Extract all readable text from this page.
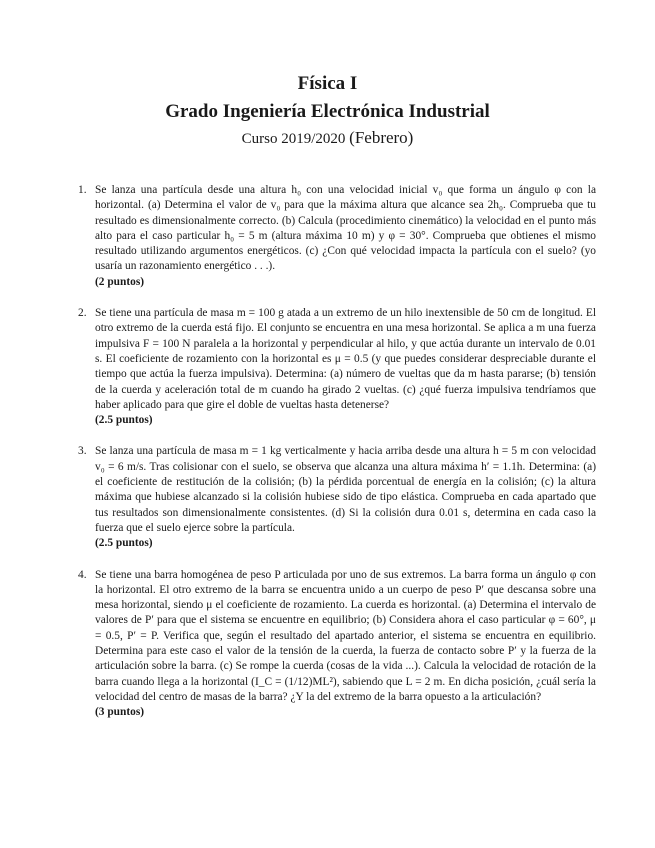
Física I
Grado Ingeniería Electrónica Industrial
Curso 2019/2020 (Febrero)
1. Se lanza una partícula desde una altura h₀ con una velocidad inicial v₀ que forma un ángulo φ con la horizontal. (a) Determina el valor de v₀ para que la máxima altura que alcance sea 2h₀. Comprueba que tu resultado es dimensionalmente correcto. (b) Calcula (procedimiento cinemático) la velocidad en el punto más alto para el caso particular h₀ = 5 m (altura máxima 10 m) y φ = 30°. Comprueba que obtienes el mismo resultado utilizando argumentos energéticos. (c) ¿Con qué velocidad impacta la partícula con el suelo? (yo usaría un razonamiento energético . . .).
(2 puntos)
2. Se tiene una partícula de masa m = 100 g atada a un extremo de un hilo inextensible de 50 cm de longitud. El otro extremo de la cuerda está fijo. El conjunto se encuentra en una mesa horizontal. Se aplica a m una fuerza impulsiva F = 100 N paralela a la horizontal y perpendicular al hilo, y que actúa durante un intervalo de 0.01 s. El coeficiente de rozamiento con la horizontal es μ = 0.5 (y que puedes considerar despreciable durante el tiempo que actúa la fuerza impulsiva). Determina: (a) número de vueltas que da m hasta pararse; (b) tensión de la cuerda y aceleración total de m cuando ha girado 2 vueltas. (c) ¿qué fuerza impulsiva tendríamos que haber aplicado para que gire el doble de vueltas hasta detenerse?
(2.5 puntos)
3. Se lanza una partícula de masa m = 1 kg verticalmente y hacia arriba desde una altura h = 5 m con velocidad v₀ = 6 m/s. Tras colisionar con el suelo, se observa que alcanza una altura máxima h′ = 1.1h. Determina: (a) el coeficiente de restitución de la colisión; (b) la pérdida porcentual de energía en la colisión; (c) la altura máxima que hubiese alcanzado si la colisión hubiese sido de tipo elástica. Comprueba en cada apartado que tus resultados son dimensionalmente consistentes. (d) Si la colisión dura 0.01 s, determina en cada caso la fuerza que el suelo ejerce sobre la partícula.
(2.5 puntos)
4. Se tiene una barra homogénea de peso P articulada por uno de sus extremos. La barra forma un ángulo φ con la horizontal. El otro extremo de la barra se encuentra unido a un cuerpo de peso P′ que descansa sobre una mesa horizontal, siendo μ el coeficiente de rozamiento. La cuerda es horizontal. (a) Determina el intervalo de valores de P′ para que el sistema se encuentre en equilibrio; (b) Considera ahora el caso particular φ = 60°, μ = 0.5, P′ = P. Verifica que, según el resultado del apartado anterior, el sistema se encuentra en equilibrio. Determina para este caso el valor de la tensión de la cuerda, la fuerza de contacto sobre P′ y la fuerza de la articulación sobre la barra. (c) Se rompe la cuerda (cosas de la vida ...). Calcula la velocidad de rotación de la barra cuando llega a la horizontal (I_C = (1/12)ML²), sabiendo que L = 2 m. En dicha posición, ¿cuál sería la velocidad del centro de masas de la barra? ¿Y la del extremo de la barra opuesto a la articulación?
(3 puntos)
